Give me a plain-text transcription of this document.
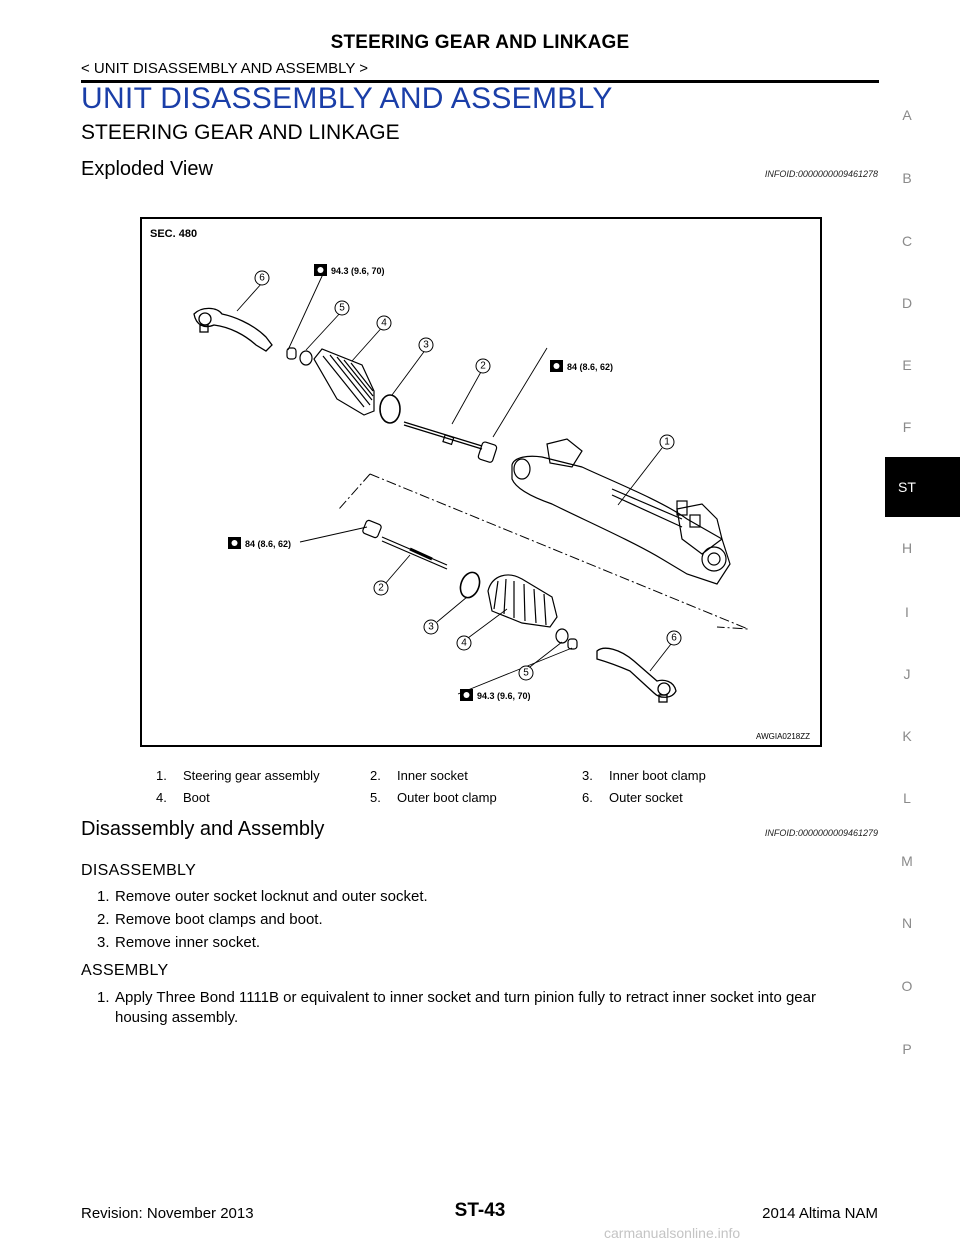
STEERING GEAR AND LINKAGE
< UNIT DISASSEMBLY AND ASSEMBLY >
UNIT DISASSEMBLY AND ASSEMBLY
STEERING GEAR AND LINKAGE
Exploded View	INFOID:0000000009461278
1
2
3
4
5
6
2
3
4
5
6
SEC. 480
94.3 (9.6, 70)
84 (8.6, 62)
84 (8.6, 62)
94.3 (9.6, 70)
AWGIA0218ZZ
1. Steering gear assembly	2. Inner socket	3. Inner boot clamp
4. Boot	5. Outer boot clamp	6. Outer socket
Disassembly and Assembly	INFOID:0000000009461279
DISASSEMBLY
1. Remove outer socket locknut and outer socket.
2. Remove boot clamps and boot.
3. Remove inner socket.
ASSEMBLY
1. Apply Three Bond 1111B or equivalent to inner socket and turn pinion fully to retract inner socket into gear
housing assembly.
A
B
C
D
E
F
ST
H
I
J
K
L
M
N
O
P
Revision: November 2013	ST-43	2014 Altima NAM
carmanualsonline.info
